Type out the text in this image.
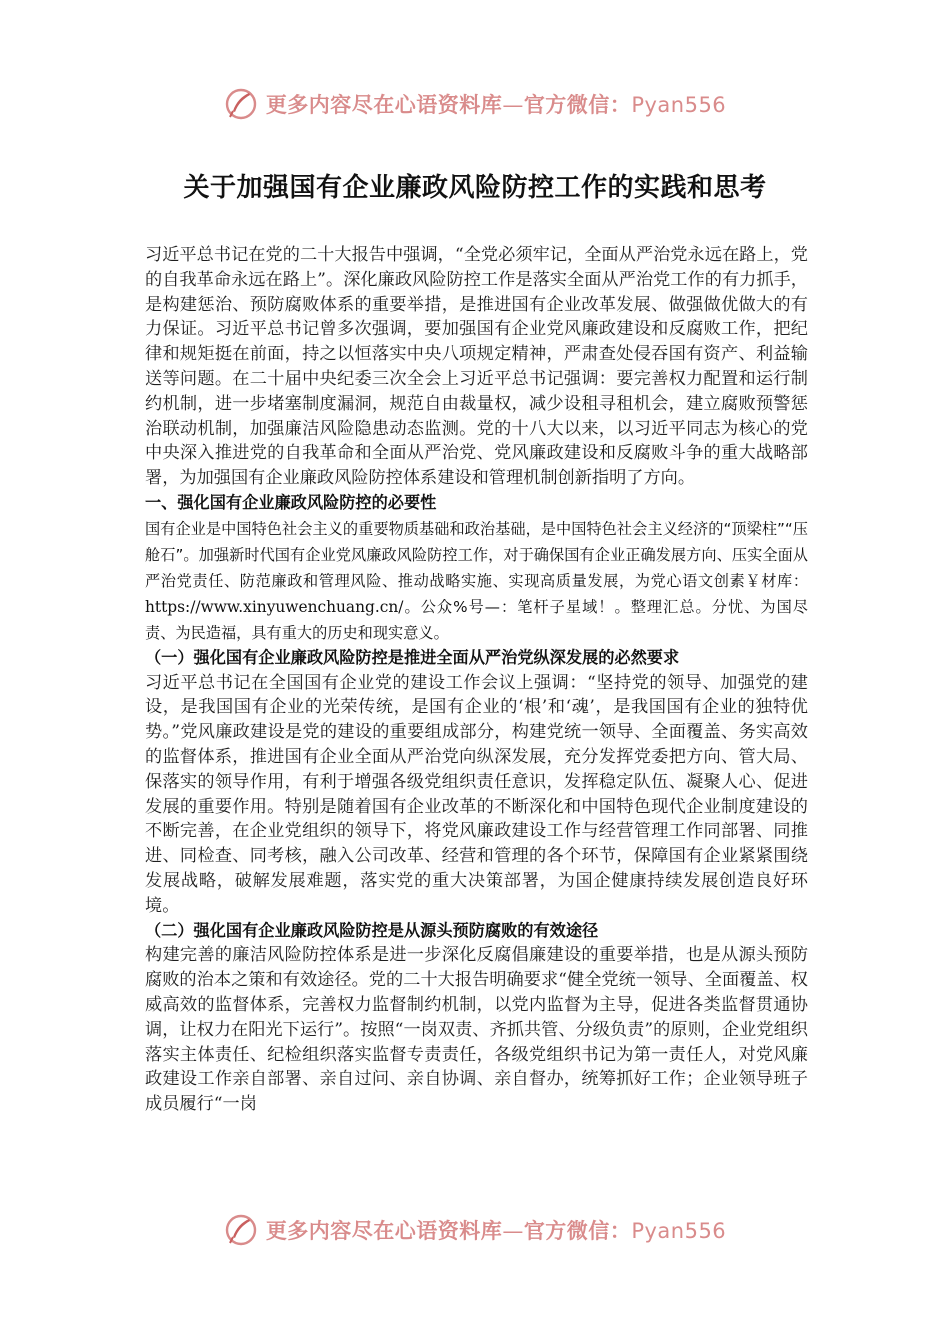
更多内容尽在心语资料库—官方微信：Pyan556
关于加强国有企业廉政风险防控工作的实践和思考

习近平总书记在党的二十大报告中强调，“全党必须牢记，全面从严治党永远在路上，党的自我革命永远在路上”。深化廉政风险防控工作是落实全面从严治党工作的有力抓手，是构建惩治、预防腐败体系的重要举措，是推进国有企业改革发展、做强做优做大的有力保证。习近平总书记曾多次强调，要加强国有企业党风廉政建设和反腐败工作，把纪律和规矩挺在前面，持之以恒落实中央八项规定精神，严肃查处侵吞国有资产、利益输送等问题。在二十届中央纪委三次全会上习近平总书记强调：要完善权力配置和运行制约机制，进一步堵塞制度漏洞，规范自由裁量权，减少设租寻租机会，建立腐败预警惩治联动机制，加强廉洁风险隐患动态监测。党的十八大以来，以习近平同志为核心的党中央深入推进党的自我革命和全面从严治党、党风廉政建设和反腐败斗争的重大战略部署，为加强国有企业廉政风险防控体系建设和管理机制创新指明了方向。

一、强化国有企业廉政风险防控的必要性

国有企业是中国特色社会主义的重要物质基础和政治基础，是中国特色社会主义经济的“顶梁柱”“压舱石”。加强新时代国有企业党风廉政风险防控工作，对于确保国有企业正确发展方向、压实全面从严治党责任、防范廉政和管理风险、推动战略实施、实现高质量发展，为党心语文创素￥材库：https://www.xinyuwenchuang.cn/。公众%号—：笔杆子星域！。整理汇总。分忧、为国尽责、为民造福，具有重大的历史和现实意义。

（一）强化国有企业廉政风险防控是推进全面从严治党纵深发展的必然要求

习近平总书记在全国国有企业党的建设工作会议上强调：“坚持党的领导、加强党的建设，是我国国有企业的光荣传统，是国有企业的‘根’和‘魂’，是我国国有企业的独特优势。”党风廉政建设是党的建设的重要组成部分，构建党统一领导、全面覆盖、务实高效的监督体系，推进国有企业全面从严治党向纵深发展，充分发挥党委把方向、管大局、保落实的领导作用，有利于增强各级党组织责任意识，发挥稳定队伍、凝聚人心、促进发展的重要作用。特别是随着国有企业改革的不断深化和中国特色现代企业制度建设的不断完善，在企业党组织的领导下，将党风廉政建设工作与经营管理工作同部署、同推进、同检查、同考核，融入公司改革、经营和管理的各个环节，保障国有企业紧紧围绕发展战略，破解发展难题，落实党的重大决策部署，为国企健康持续发展创造良好环境。

（二）强化国有企业廉政风险防控是从源头预防腐败的有效途径

构建完善的廉洁风险防控体系是进一步深化反腐倡廉建设的重要举措，也是从源头预防腐败的治本之策和有效途径。党的二十大报告明确要求“健全党统一领导、全面覆盖、权威高效的监督体系，完善权力监督制约机制，以党内监督为主导，促进各类监督贯通协调，让权力在阳光下运行”。按照“一岗双责、齐抓共管、分级负责”的原则，企业党组织落实主体责任、纪检组织落实监督专责责任，各级党组织书记为第一责任人，对党风廉政建设工作亲自部署、亲自过问、亲自协调、亲自督办，统筹抓好工作；企业领导班子成员履行“一岗

更多内容尽在心语资料库—官方微信：Pyan556
